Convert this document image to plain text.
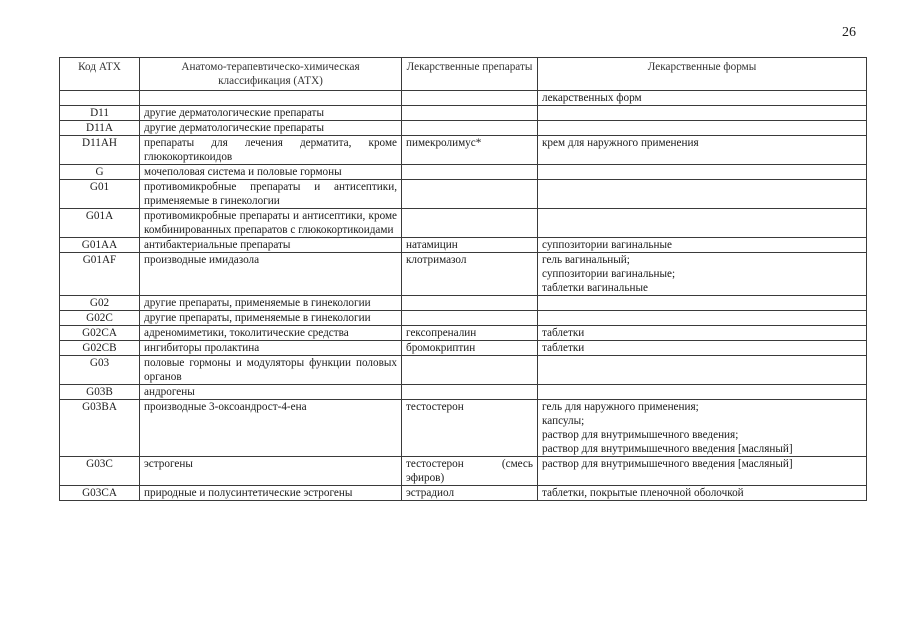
26
Код АТХ	Анатомо-терапевтическо-химическая классификация (АТХ)	Лекарственные препараты	Лекарственные формы

			лекарственных форм

D11	другие дерматологические препараты		
D11A	другие дерматологические препараты		
D11AH	препараты для лечения дерматита, кроме глюкокортикоидов	пимекролимус*	крем для наружного применения

G	мочеполовая система и половые гормоны		
G01	противомикробные препараты и антисептики, применяемые в гинекологии		
G01A	противомикробные препараты и антисептики, кроме комбинированных препаратов с глюкокортикоидами		
G01AA	антибактериальные препараты	натамицин	суппозитории вагинальные

G01AF	производные имидазола	клотримазол	гель вагинальный;
суппозитории вагинальные;
таблетки вагинальные

G02	другие препараты, применяемые в гинекологии		
G02C	другие препараты, применяемые в гинекологии		
G02CA	адреномиметики, токолитические средства	гексопреналин	таблетки

G02CB	ингибиторы пролактина	бромокриптин	таблетки

G03	половые гормоны и модуляторы функции половых органов		
G03B	андрогены		
G03BA	производные 3-оксоандрост-4-ена	тестостерон	гель для наружного применения;
капсулы;
раствор для внутримышечного введения;
раствор для внутримышечного введения [масляный]

G03C	эстрогены	тестостерон (смесь эфиров)	раствор для внутримышечного введения [масляный]

G03CA	природные и полусинтетические эстрогены	эстрадиол	таблетки, покрытые пленочной оболочкой
